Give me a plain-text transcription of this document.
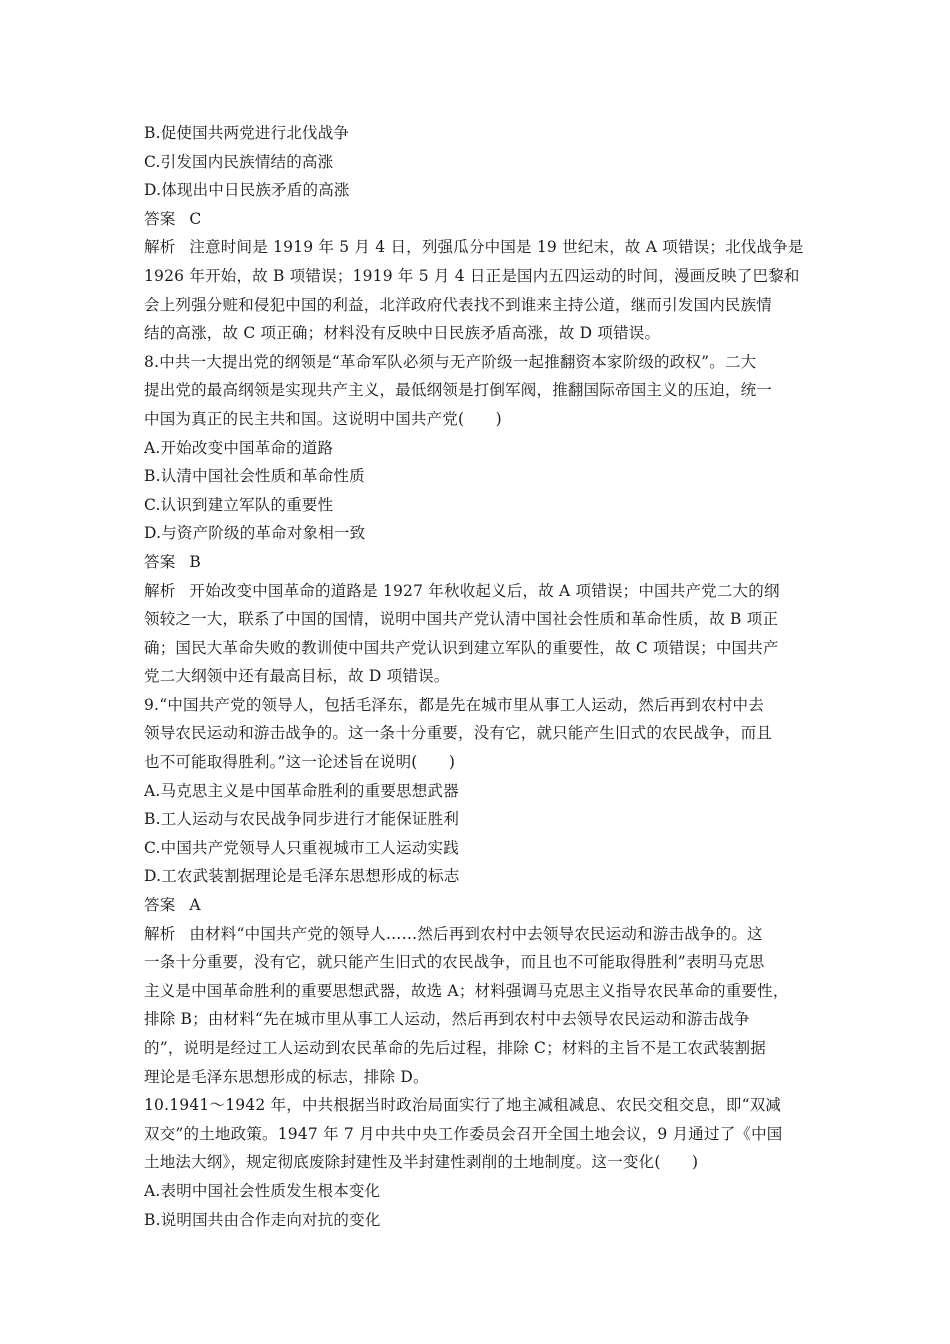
B.促使国共两党进行北伐战争
C.引发国内民族情结的高涨
D.体现出中日民族矛盾的高涨
答案 C
解析 注意时间是 1919 年 5 月 4 日，列强瓜分中国是 19 世纪末，故 A 项错误；北伐战争是
1926 年开始，故 B 项错误；1919 年 5 月 4 日正是国内五四运动的时间，漫画反映了巴黎和
会上列强分赃和侵犯中国的利益，北洋政府代表找不到谁来主持公道，继而引发国内民族情
结的高涨，故 C 项正确；材料没有反映中日民族矛盾高涨，故 D 项错误。
8.中共一大提出党的纲领是“革命军队必须与无产阶级一起推翻资本家阶级的政权”。二大
提出党的最高纲领是实现共产主义，最低纲领是打倒军阀，推翻国际帝国主义的压迫，统一
中国为真正的民主共和国。这说明中国共产党(　　)
A.开始改变中国革命的道路
B.认清中国社会性质和革命性质
C.认识到建立军队的重要性
D.与资产阶级的革命对象相一致
答案 B
解析 开始改变中国革命的道路是 1927 年秋收起义后，故 A 项错误；中国共产党二大的纲
领较之一大，联系了中国的国情，说明中国共产党认清中国社会性质和革命性质，故 B 项正
确；国民大革命失败的教训使中国共产党认识到建立军队的重要性，故 C 项错误；中国共产
党二大纲领中还有最高目标，故 D 项错误。
9.“中国共产党的领导人，包括毛泽东，都是先在城市里从事工人运动，然后再到农村中去
领导农民运动和游击战争的。这一条十分重要，没有它，就只能产生旧式的农民战争，而且
也不可能取得胜利。”这一论述旨在说明(　　)
A.马克思主义是中国革命胜利的重要思想武器
B.工人运动与农民战争同步进行才能保证胜利
C.中国共产党领导人只重视城市工人运动实践
D.工农武装割据理论是毛泽东思想形成的标志
答案 A
解析 由材料“中国共产党的领导人……然后再到农村中去领导农民运动和游击战争的。这
一条十分重要，没有它，就只能产生旧式的农民战争，而且也不可能取得胜利”表明马克思
主义是中国革命胜利的重要思想武器，故选 A；材料强调马克思主义指导农民革命的重要性，
排除 B；由材料“先在城市里从事工人运动，然后再到农村中去领导农民运动和游击战争
的”，说明是经过工人运动到农民革命的先后过程，排除 C；材料的主旨不是工农武装割据
理论是毛泽东思想形成的标志，排除 D。
10.1941～1942 年，中共根据当时政治局面实行了地主减租减息、农民交租交息，即“双减
双交”的土地政策。1947 年 7 月中共中央工作委员会召开全国土地会议，9 月通过了《中国
土地法大纲》，规定彻底废除封建性及半封建性剥削的土地制度。这一变化(　　)
A.表明中国社会性质发生根本变化
B.说明国共由合作走向对抗的变化
